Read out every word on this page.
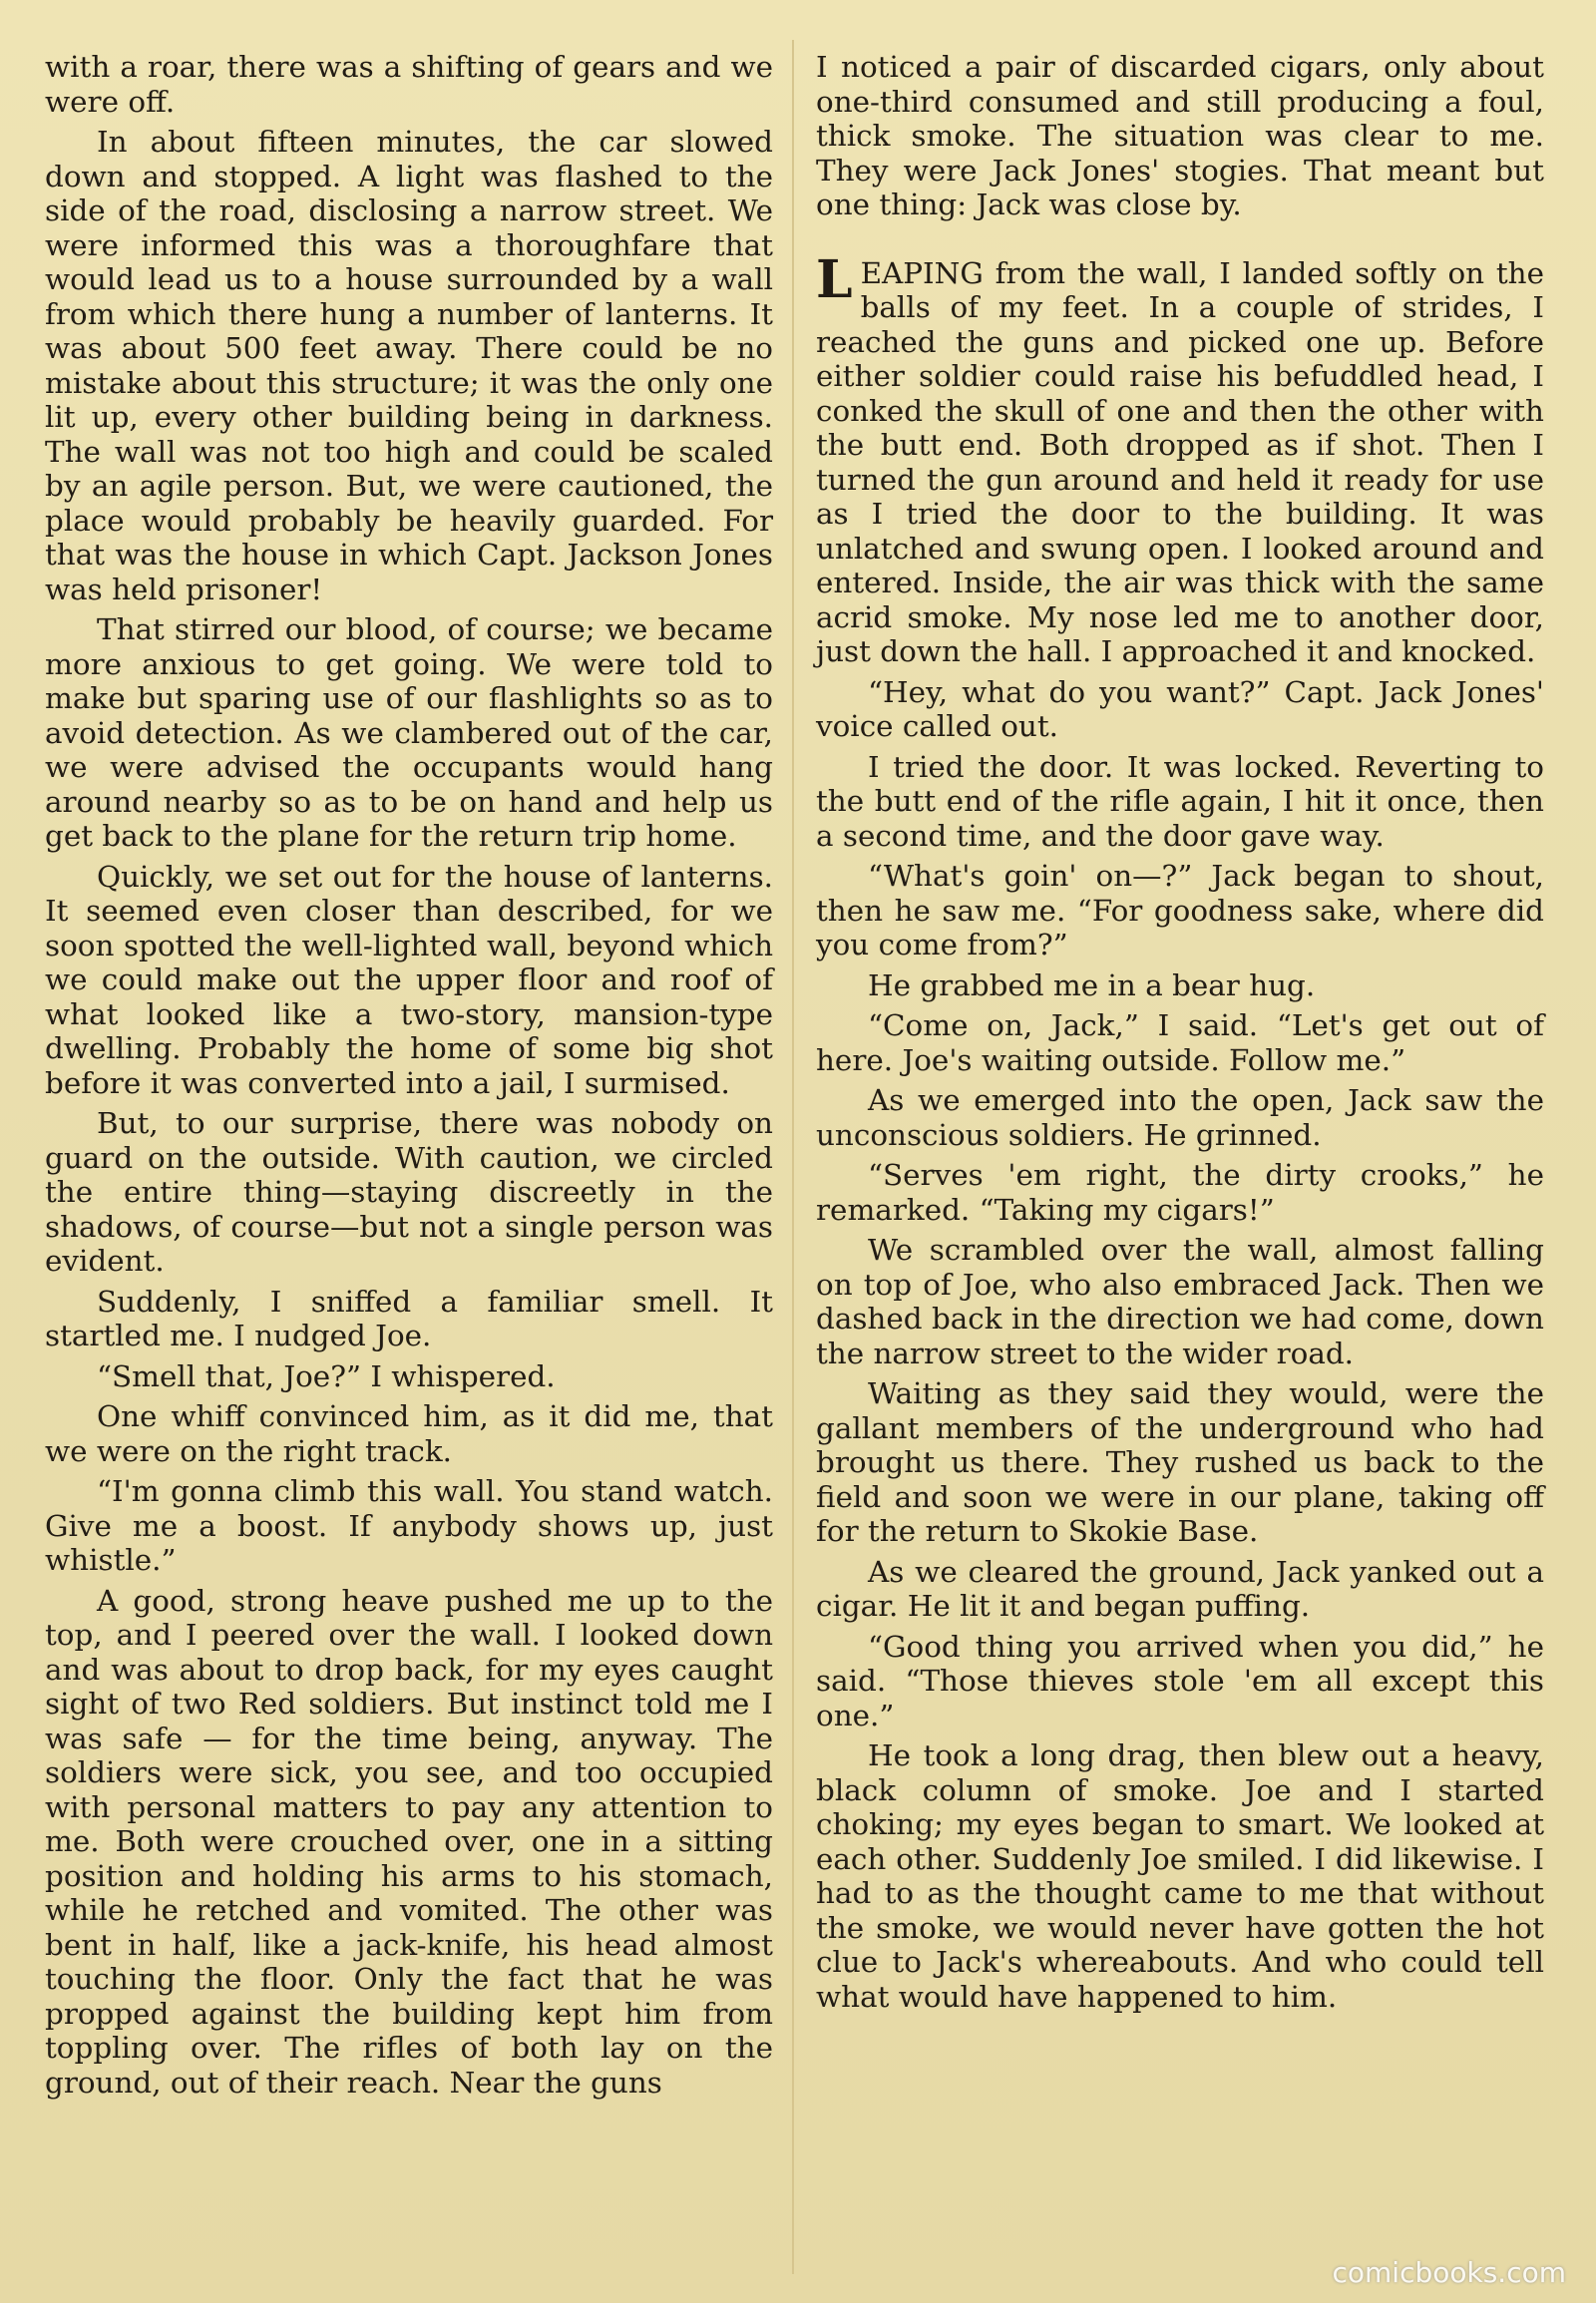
with a roar, there was a shifting of gears and we were off.

In about fifteen minutes, the car slowed down and stopped. A light was flashed to the side of the road, disclosing a narrow street. We were informed this was a thoroughfare that would lead us to a house surrounded by a wall from which there hung a number of lanterns. It was about 500 feet away. There could be no mistake about this structure; it was the only one lit up, every other building being in darkness. The wall was not too high and could be scaled by an agile person. But, we were cautioned, the place would probably be heavily guarded. For that was the house in which Capt. Jackson Jones was held prisoner!

That stirred our blood, of course; we became more anxious to get going. We were told to make but sparing use of our flashlights so as to avoid detection. As we clambered out of the car, we were advised the occupants would hang around nearby so as to be on hand and help us get back to the plane for the return trip home.

Quickly, we set out for the house of lanterns. It seemed even closer than described, for we soon spotted the well-lighted wall, beyond which we could make out the upper floor and roof of what looked like a two-story, mansion-type dwelling. Probably the home of some big shot before it was converted into a jail, I surmised.

But, to our surprise, there was nobody on guard on the outside. With caution, we circled the entire thing—staying discreetly in the shadows, of course—but not a single person was evident.

Suddenly, I sniffed a familiar smell. It startled me. I nudged Joe.

“Smell that, Joe?” I whispered.

One whiff convinced him, as it did me, that we were on the right track.

“I'm gonna climb this wall. You stand watch. Give me a boost. If anybody shows up, just whistle.”

A good, strong heave pushed me up to the top, and I peered over the wall. I looked down and was about to drop back, for my eyes caught sight of two Red soldiers. But instinct told me I was safe — for the time being, anyway. The soldiers were sick, you see, and too occupied with personal matters to pay any attention to me. Both were crouched over, one in a sitting position and holding his arms to his stomach, while he retched and vomited. The other was bent in half, like a jack-knife, his head almost touching the floor. Only the fact that he was propped against the building kept him from toppling over. The rifles of both lay on the ground, out of their reach. Near the guns

I noticed a pair of discarded cigars, only about one-third consumed and still producing a foul, thick smoke. The situation was clear to me. They were Jack Jones' stogies. That meant but one thing: Jack was close by.

LEAPING from the wall, I landed softly on the balls of my feet. In a couple of strides, I reached the guns and picked one up. Before either soldier could raise his befuddled head, I conked the skull of one and then the other with the butt end. Both dropped as if shot. Then I turned the gun around and held it ready for use as I tried the door to the building. It was unlatched and swung open. I looked around and entered. Inside, the air was thick with the same acrid smoke. My nose led me to another door, just down the hall. I approached it and knocked.

“Hey, what do you want?” Capt. Jack Jones' voice called out.

I tried the door. It was locked. Reverting to the butt end of the rifle again, I hit it once, then a second time, and the door gave way.

“What's goin' on—?” Jack began to shout, then he saw me. “For goodness sake, where did you come from?”

He grabbed me in a bear hug.

“Come on, Jack,” I said. “Let's get out of here. Joe's waiting outside. Follow me.”

As we emerged into the open, Jack saw the unconscious soldiers. He grinned.

“Serves 'em right, the dirty crooks,” he remarked. “Taking my cigars!”

We scrambled over the wall, almost falling on top of Joe, who also embraced Jack. Then we dashed back in the direction we had come, down the narrow street to the wider road.

Waiting as they said they would, were the gallant members of the underground who had brought us there. They rushed us back to the field and soon we were in our plane, taking off for the return to Skokie Base.

As we cleared the ground, Jack yanked out a cigar. He lit it and began puffing.

“Good thing you arrived when you did,” he said. “Those thieves stole 'em all except this one.”

He took a long drag, then blew out a heavy, black column of smoke. Joe and I started choking; my eyes began to smart. We looked at each other. Suddenly Joe smiled. I did likewise. I had to as the thought came to me that without the smoke, we would never have gotten the hot clue to Jack's whereabouts. And who could tell what would have happened to him.

comicbooks.com
